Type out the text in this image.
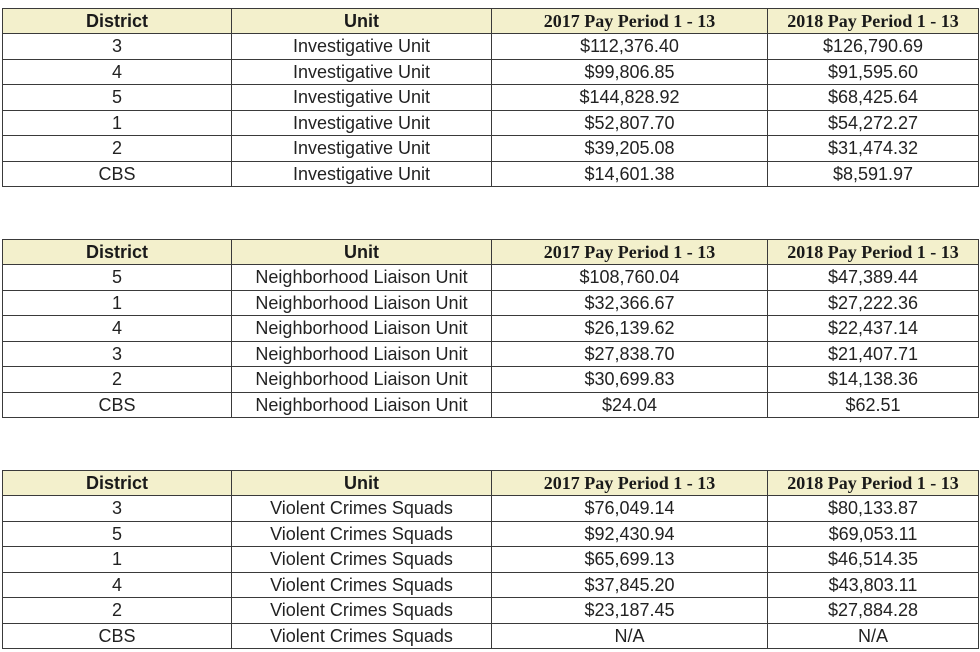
District	Unit	2017 Pay Period 1 - 13	2018 Pay Period 1 - 13
3	Investigative Unit	$112,376.40	$126,790.69
4	Investigative Unit	$99,806.85	$91,595.60
5	Investigative Unit	$144,828.92	$68,425.64
1	Investigative Unit	$52,807.70	$54,272.27
2	Investigative Unit	$39,205.08	$31,474.32
CBS	Investigative Unit	$14,601.38	$8,591.97
District	Unit	2017 Pay Period 1 - 13	2018 Pay Period 1 - 13
5	Neighborhood Liaison Unit	$108,760.04	$47,389.44
1	Neighborhood Liaison Unit	$32,366.67	$27,222.36
4	Neighborhood Liaison Unit	$26,139.62	$22,437.14
3	Neighborhood Liaison Unit	$27,838.70	$21,407.71
2	Neighborhood Liaison Unit	$30,699.83	$14,138.36
CBS	Neighborhood Liaison Unit	$24.04	$62.51
District	Unit	2017 Pay Period 1 - 13	2018 Pay Period 1 - 13
3	Violent Crimes Squads	$76,049.14	$80,133.87
5	Violent Crimes Squads	$92,430.94	$69,053.11
1	Violent Crimes Squads	$65,699.13	$46,514.35
4	Violent Crimes Squads	$37,845.20	$43,803.11
2	Violent Crimes Squads	$23,187.45	$27,884.28
CBS	Violent Crimes Squads	N/A	N/A
